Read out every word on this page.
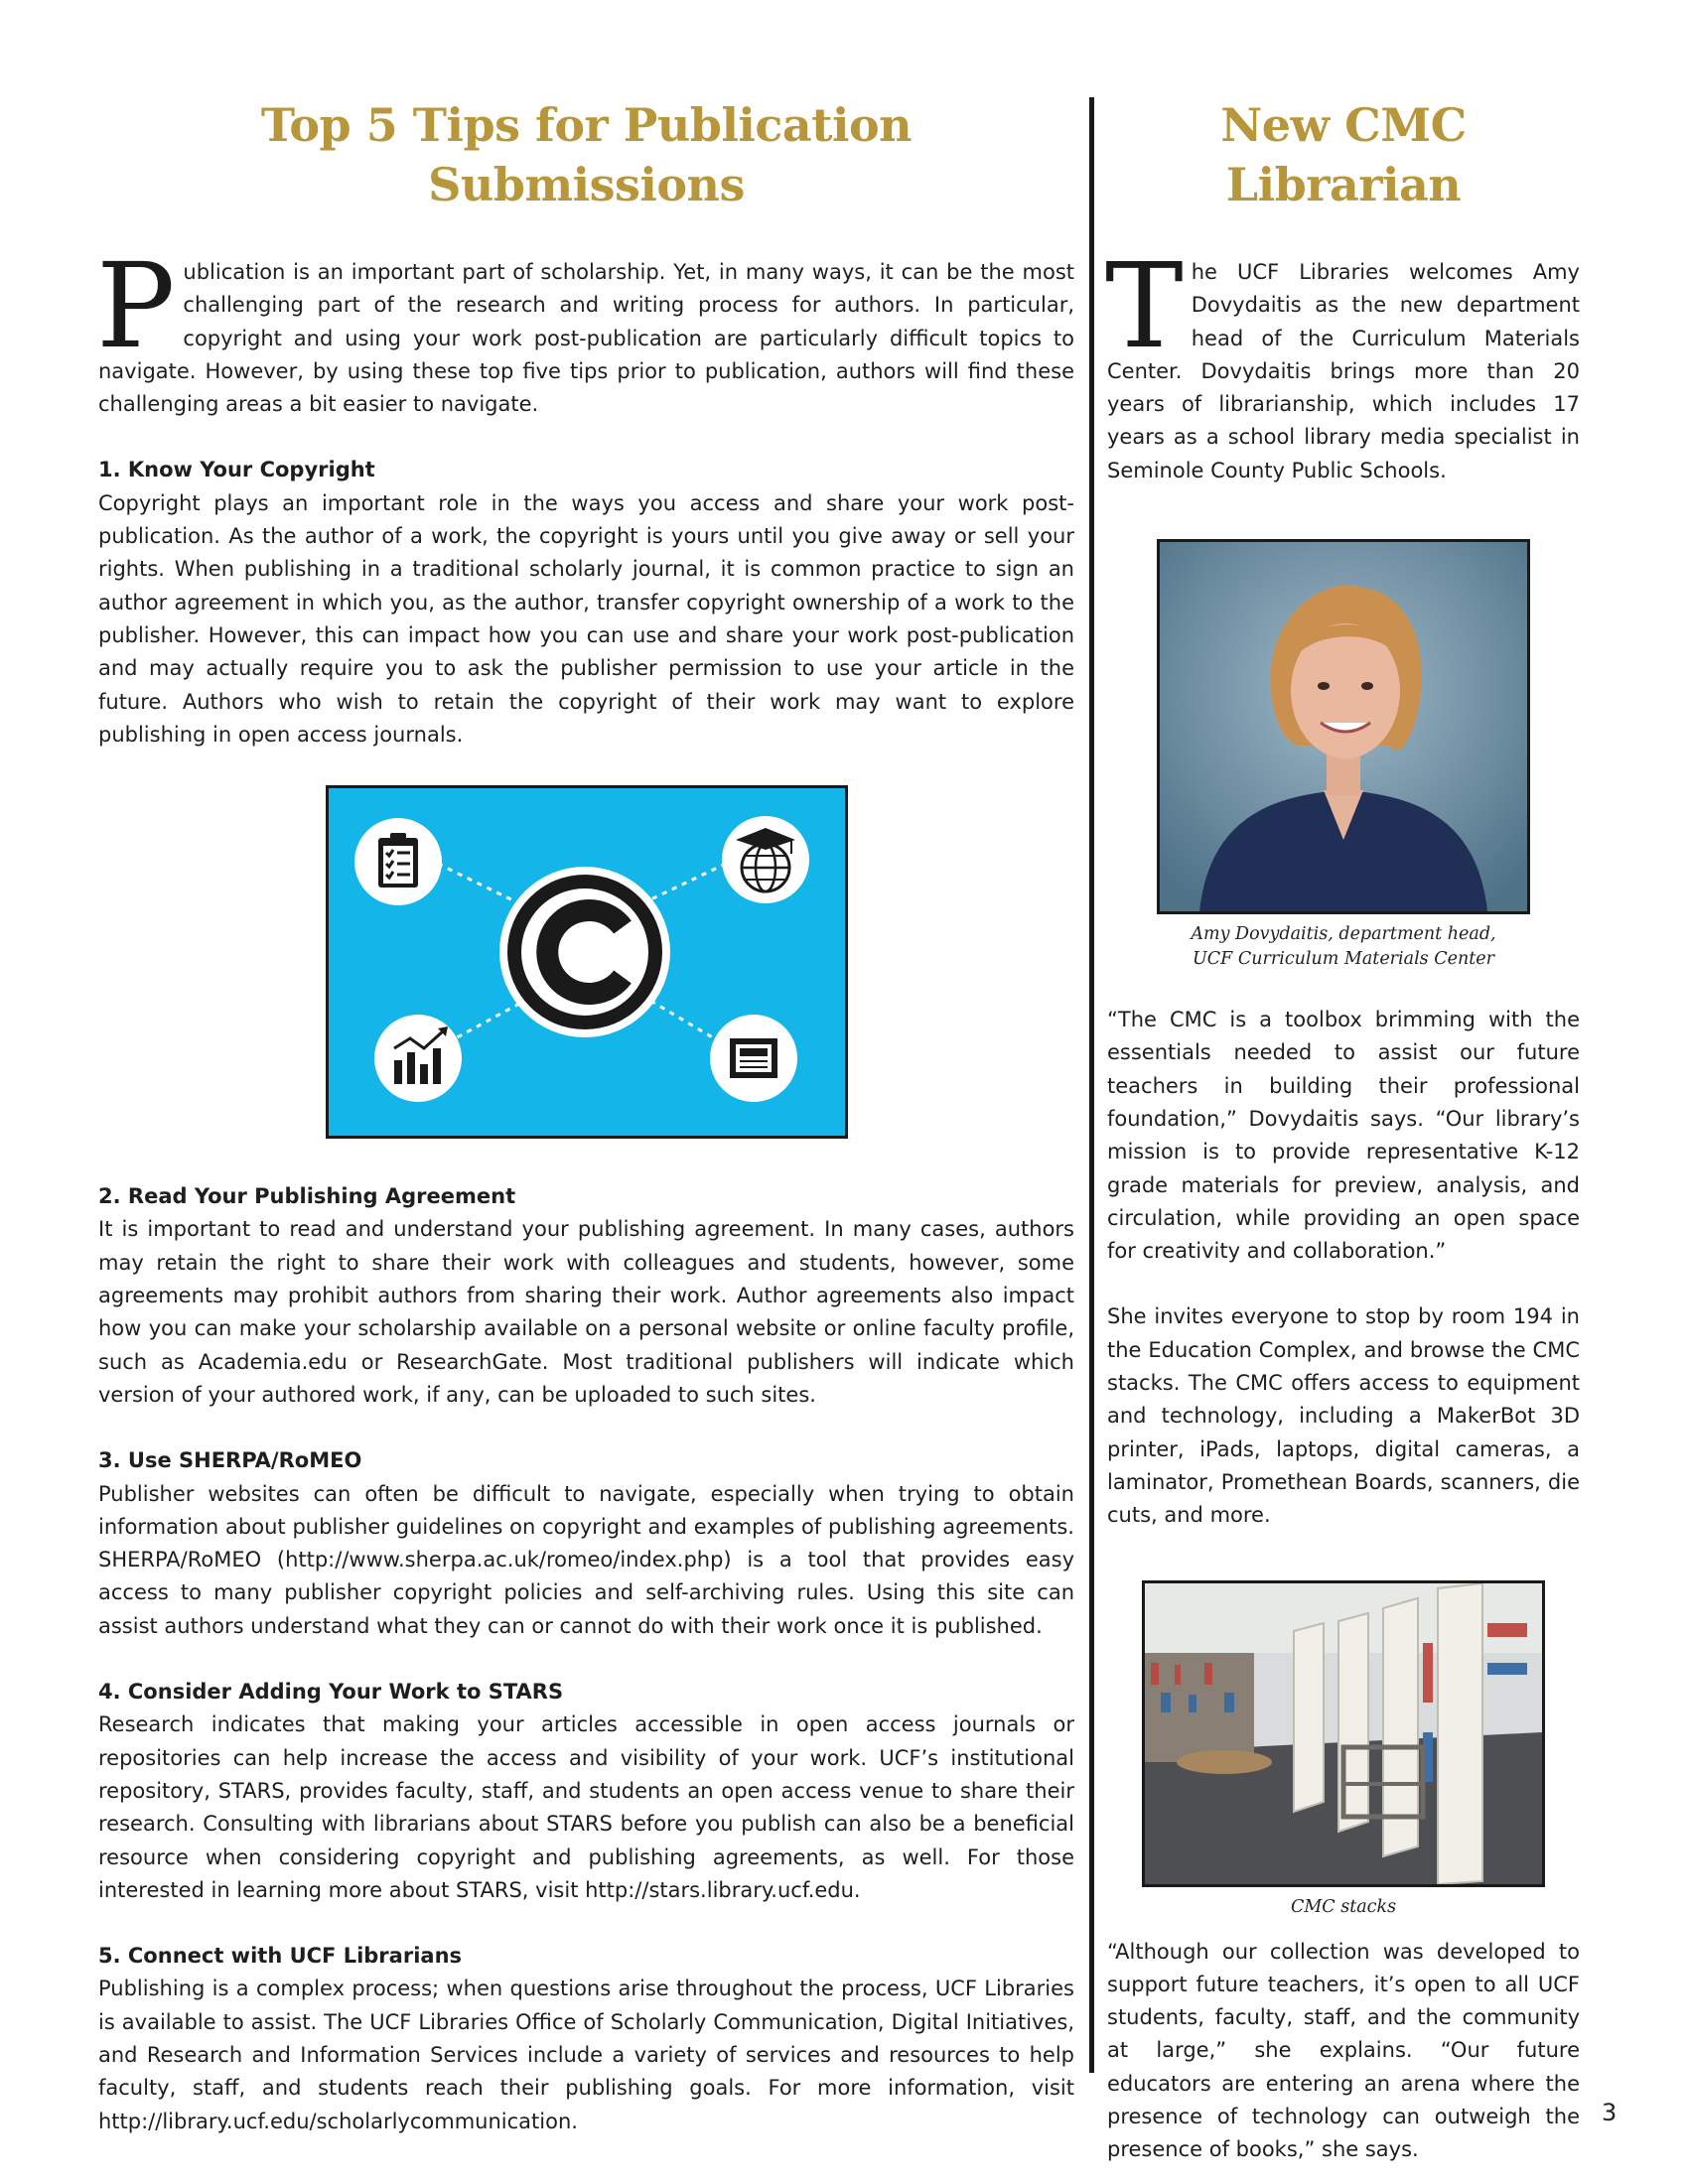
Top 5 Tips for Publication Submissions

Publication is an important part of scholarship. Yet, in many ways, it can be the most challenging part of the research and writing process for authors. In particular, copyright and using your work post-publication are particularly difficult topics to navigate. However, by using these top five tips prior to publication, authors will find these challenging areas a bit easier to navigate.

1. Know Your Copyright

Copyright plays an important role in the ways you access and share your work post-publication. As the author of a work, the copyright is yours until you give away or sell your rights. When publishing in a traditional scholarly journal, it is common practice to sign an author agreement in which you, as the author, transfer copyright ownership of a work to the publisher. However, this can impact how you can use and share your work post-publication and may actually require you to ask the publisher permission to use your article in the future. Authors who wish to retain the copyright of their work may want to explore publishing in open access journals.

2. Read Your Publishing Agreement

It is important to read and understand your publishing agreement. In many cases, authors may retain the right to share their work with colleagues and students, however, some agreements may prohibit authors from sharing their work. Author agreements also impact how you can make your scholarship available on a personal website or online faculty profile, such as Academia.edu or ResearchGate. Most traditional publishers will indicate which version of your authored work, if any, can be uploaded to such sites.

3. Use SHERPA/RoMEO

Publisher websites can often be difficult to navigate, especially when trying to obtain information about publisher guidelines on copyright and examples of publishing agreements. SHERPA/RoMEO (http://www.sherpa.ac.uk/romeo/index.php) is a tool that provides easy access to many publisher copyright policies and self-archiving rules. Using this site can assist authors understand what they can or cannot do with their work once it is published.

4. Consider Adding Your Work to STARS

Research indicates that making your articles accessible in open access journals or repositories can help increase the access and visibility of your work. UCF’s institutional repository, STARS, provides faculty, staff, and students an open access venue to share their research. Consulting with librarians about STARS before you publish can also be a beneficial resource when considering copyright and publishing agreements, as well. For those interested in learning more about STARS, visit http://stars.library.ucf.edu.

5. Connect with UCF Librarians

Publishing is a complex process; when questions arise throughout the process, UCF Libraries is available to assist. The UCF Libraries Office of Scholarly Communication, Digital Initiatives, and Research and Information Services include a variety of services and resources to help faculty, staff, and students reach their publishing goals. For more information, visit http://library.ucf.edu/scholarlycommunication.

New CMC Librarian

The UCF Libraries welcomes Amy Dovydaitis as the new department head of the Curriculum Materials Center. Dovydaitis brings more than 20 years of librarianship, which includes 17 years as a school library media specialist in Seminole County Public Schools.

Amy Dovydaitis, department head,
UCF Curriculum Materials Center

“The CMC is a toolbox brimming with the essentials needed to assist our future teachers in building their professional foundation,” Dovydaitis says. “Our library’s mission is to provide representative K-12 grade materials for preview, analysis, and circulation, while providing an open space for creativity and collaboration.”

She invites everyone to stop by room 194 in the Education Complex, and browse the CMC stacks. The CMC offers access to equipment and technology, including a MakerBot 3D printer, iPads, laptops, digital cameras, a laminator, Promethean Boards, scanners, die cuts, and more.

CMC stacks

“Although our collection was developed to support future teachers, it’s open to all UCF students, faculty, staff, and the community at large,” she explains. “Our future educators are entering an arena where the presence of technology can outweigh the presence of books,” she says.

3
